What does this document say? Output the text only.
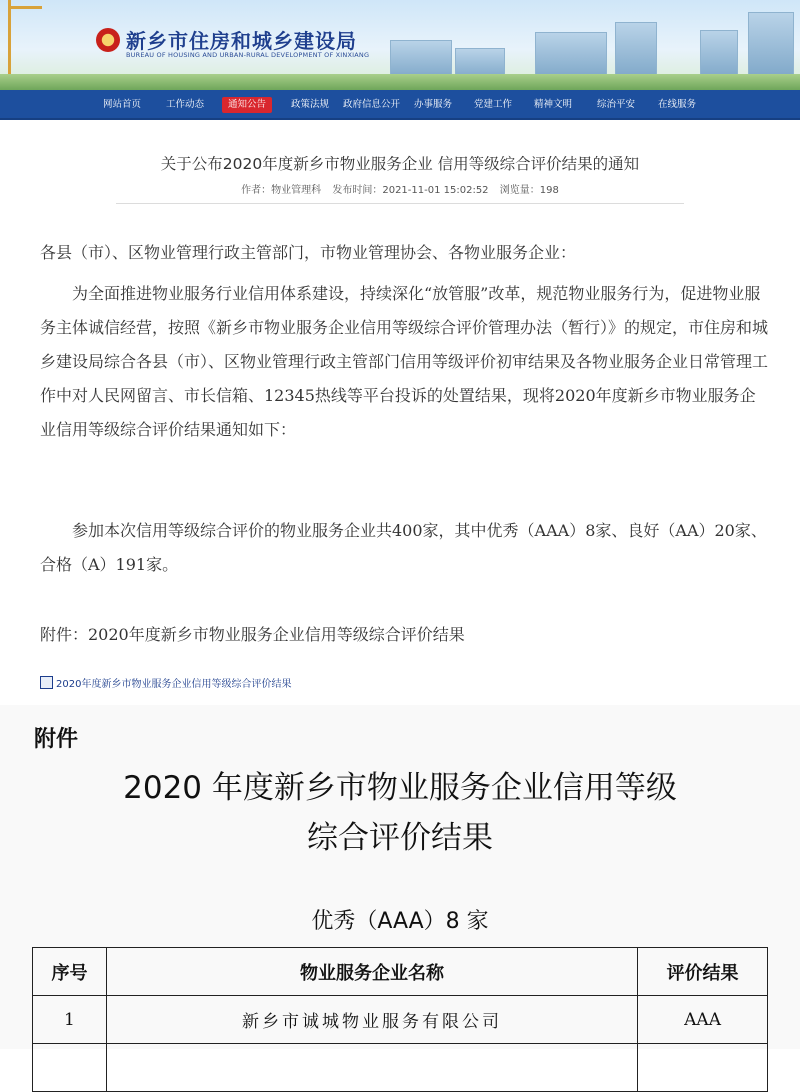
新乡市住房和城乡建设局
BUREAU OF HOUSING AND URBAN-RURAL DEVELOPMENT OF XINXIANG
网站首页	工作动态	通知公告	政策法规 政府信息公开 办事服务 党建工作 精神文明	综治平安 在线服务
关于公布2020年度新乡市物业服务企业 信用等级综合评价结果的通知
作者：物业管理科 发布时间：2021-11-01 15:02:52 浏览量：198
各县（市）、区物业管理行政主管部门，市物业管理协会、各物业服务企业：
为全面推进物业服务行业信用体系建设，持续深化“放管服”改革，规范物业服务行为，促进物业服务主体诚信经营，按照《新乡市物业服务企业信用等级综合评价管理办法（暂行）》的规定，市住房和城乡建设局综合各县（市）、区物业管理行政主管部门信用等级评价初审结果及各物业服务企业日常管理工作中对人民网留言、市长信箱、12345热线等平台投诉的处置结果，现将2020年度新乡市物业服务企业信用等级综合评价结果通知如下：
参加本次信用等级综合评价的物业服务企业共400家，其中优秀（AAA）8家、良好（AA）20家、合格（A）191家。
附件：2020年度新乡市物业服务企业信用等级综合评价结果
2020年度新乡市物业服务企业信用等级综合评价结果
附件
2020 年度新乡市物业服务企业信用等级
综合评价结果
优秀（AAA）8 家
序号	物业服务企业名称	评价结果
1	新乡市诚城物业服务有限公司	AAA
